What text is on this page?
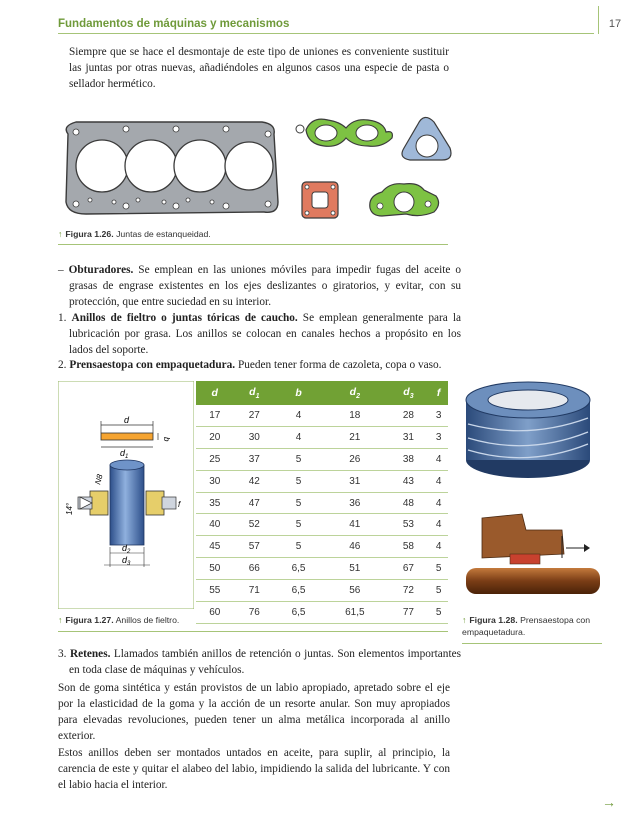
Fundamentos de máquinas y mecanismos	17
Siempre que se hace el desmontaje de este tipo de uniones es conveniente sustituir las juntas por otras nuevas, añadiéndoles en algunos casos una especie de pasta o sellador hermético.
↑ Figura 1.26. Juntas de estanqueidad.
– Obturadores. Se emplean en las uniones móviles para impedir fugas del aceite o grasas de engrase existentes en los ejes deslizantes o giratorios, y evitar, con su protección, que entre suciedad en su interior.
1. Anillos de fieltro o juntas tóricas de caucho. Se emplean generalmente para la lubricación por grasa. Los anillos se colocan en canales hechos a propósito en los lados del soporte.
2. Prensaestopa con empaquetadura. Pueden tener forma de cazoleta, copa o vaso.
d
$d_1$
b
$d_2$
$d_3$
N8
14°	f
d	$d_1$	b	$d_2$	$d_3$	f
17	27	4	18	28	3
20	30	4	21	31	3
25	37	5	26	38	4
30	42	5	31	43	4
35	47	5	36	48	4
40	52	5	41	53	4
45	57	5	46	58	4
50	66	6,5	51	67	5
55	71	6,5	56	72	5
60	76	6,5	61,5	77	5
↑ Figura 1.27. Anillos de fieltro.	↑ Figura 1.28. Prensaestopa con empaquetadura.
3. Retenes. Llamados también anillos de retención o juntas. Son elementos importantes en toda clase de máquinas y vehículos.
Son de goma sintética y están provistos de un labio apropiado, apretado sobre el eje por la elasticidad de la goma y la acción de un resorte anular. Son muy apropiados para elevadas revoluciones, pueden tener un alma metálica incorporada al anillo exterior.
Estos anillos deben ser montados untados en aceite, para suplir, al principio, la carencia de este y quitar el alabeo del labio, impidiendo la salida del lubricante. Y con el labio hacia el interior.
→
